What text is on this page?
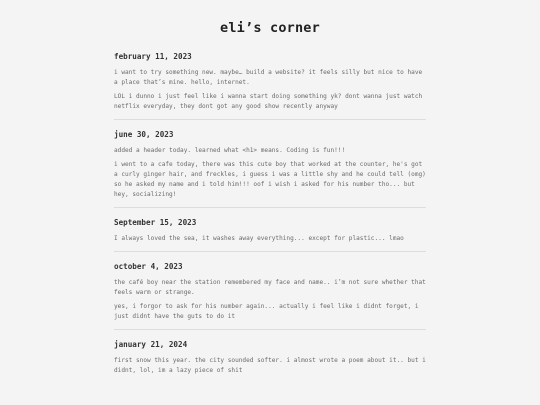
eli’s corner
february 11, 2023

i want to try something new. maybe… build a website? it feels silly but nice to have a place that’s mine. hello, internet.

LOL i dunno i just feel like i wanna start doing something yk? dont wanna just watch netflix everyday, they dont got any good show recently anyway

june 30, 2023

added a header today. learned what <h1> means. Coding is fun!!!

i went to a cafe today, there was this cute boy that worked at the counter, he's got a curly ginger hair, and freckles, i guess i was a little shy and he could tell (omg) so he asked my name and i told him!!! oof i wish i asked for his number tho... but hey, socializing!

September 15, 2023

I always loved the sea, it washes away everything... except for plastic... lmao

october 4, 2023

the café boy near the station remembered my face and name.. i’m not sure whether that feels warm or strange.

yes, i forgor to ask for his number again... actually i feel like i didnt forget, i just didnt have the guts to do it

january 21, 2024

first snow this year. the city sounded softer. i almost wrote a poem about it.. but i didnt, lol, im a lazy piece of shit
